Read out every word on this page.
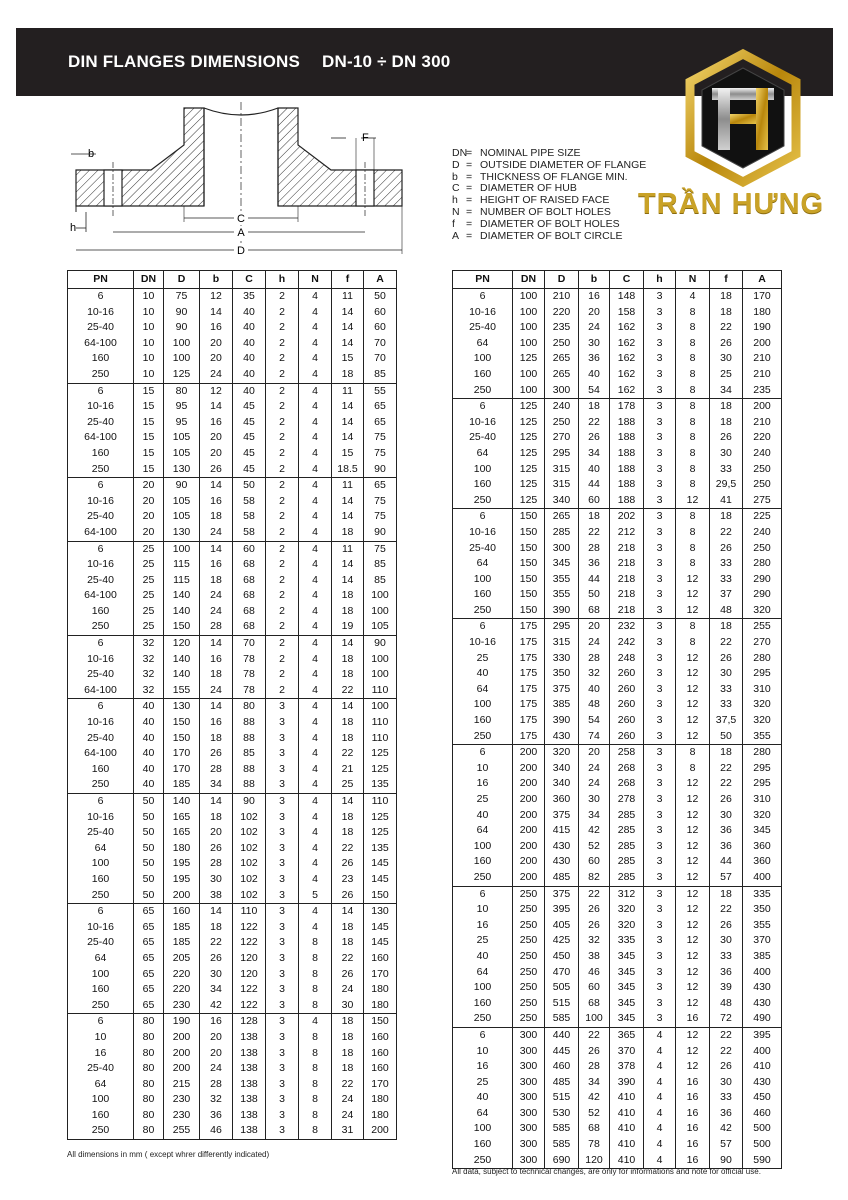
DIN FLANGES DIMENSIONS DN-10 ÷ DN 300
TRẦN HƯNG
C
A
D
b
h
F
DN= NOMINAL PIPE SIZE
D = OUTSIDE DIAMETER OF FLANGE
b = THICKNESS OF FLANGE MIN.
C = DIAMETER OF HUB
h = HEIGHT OF RAISED FACE
N = NUMBER OF BOLT HOLES
f = DIAMETER OF BOLT HOLES
A = DIAMETER OF BOLT CIRCLE
PN	DN	D	b	C	h	N	f	A
6	10	75	12	35	2	4	11	50
10-16	10	90	14	40	2	4	14	60
25-40	10	90	16	40	2	4	14	60
64-100	10	100	20	40	2	4	14	70
160	10	100	20	40	2	4	15	70
250	10	125	24	40	2	4	18	85
6	15	80	12	40	2	4	11	55
10-16	15	95	14	45	2	4	14	65
25-40	15	95	16	45	2	4	14	65
64-100	15	105	20	45	2	4	14	75
160	15	105	20	45	2	4	15	75
250	15	130	26	45	2	4	18.5	90
6	20	90	14	50	2	4	11	65
10-16	20	105	16	58	2	4	14	75
25-40	20	105	18	58	2	4	14	75
64-100	20	130	24	58	2	4	18	90
6	25	100	14	60	2	4	11	75
10-16	25	115	16	68	2	4	14	85
25-40	25	115	18	68	2	4	14	85
64-100	25	140	24	68	2	4	18	100
160	25	140	24	68	2	4	18	100
250	25	150	28	68	2	4	19	105
6	32	120	14	70	2	4	14	90
10-16	32	140	16	78	2	4	18	100
25-40	32	140	18	78	2	4	18	100
64-100	32	155	24	78	2	4	22	110
6	40	130	14	80	3	4	14	100
10-16	40	150	16	88	3	4	18	110
25-40	40	150	18	88	3	4	18	110
64-100	40	170	26	85	3	4	22	125
160	40	170	28	88	3	4	21	125
250	40	185	34	88	3	4	25	135
6	50	140	14	90	3	4	14	110
10-16	50	165	18	102	3	4	18	125
25-40	50	165	20	102	3	4	18	125
64	50	180	26	102	3	4	22	135
100	50	195	28	102	3	4	26	145
160	50	195	30	102	3	4	23	145
250	50	200	38	102	3	5	26	150
6	65	160	14	110	3	4	14	130
10-16	65	185	18	122	3	4	18	145
25-40	65	185	22	122	3	8	18	145
64	65	205	26	120	3	8	22	160
100	65	220	30	120	3	8	26	170
160	65	220	34	122	3	8	24	180
250	65	230	42	122	3	8	30	180
6	80	190	16	128	3	4	18	150
10	80	200	20	138	3	8	18	160
16	80	200	20	138	3	8	18	160
25-40	80	200	24	138	3	8	18	160
64	80	215	28	138	3	8	22	170
100	80	230	32	138	3	8	24	180
160	80	230	36	138	3	8	24	180
250	80	255	46	138	3	8	31	200
PN	DN	D	b	C	h	N	f	A
6	100	210	16	148	3	4	18	170
10-16	100	220	20	158	3	8	18	180
25-40	100	235	24	162	3	8	22	190
64	100	250	30	162	3	8	26	200
100	125	265	36	162	3	8	30	210
160	100	265	40	162	3	8	25	210
250	100	300	54	162	3	8	34	235
6	125	240	18	178	3	8	18	200
10-16	125	250	22	188	3	8	18	210
25-40	125	270	26	188	3	8	26	220
64	125	295	34	188	3	8	30	240
100	125	315	40	188	3	8	33	250
160	125	315	44	188	3	8	29,5	250
250	125	340	60	188	3	12	41	275
6	150	265	18	202	3	8	18	225
10-16	150	285	22	212	3	8	22	240
25-40	150	300	28	218	3	8	26	250
64	150	345	36	218	3	8	33	280
100	150	355	44	218	3	12	33	290
160	150	355	50	218	3	12	37	290
250	150	390	68	218	3	12	48	320
6	175	295	20	232	3	8	18	255
10-16	175	315	24	242	3	8	22	270
25	175	330	28	248	3	12	26	280
40	175	350	32	260	3	12	30	295
64	175	375	40	260	3	12	33	310
100	175	385	48	260	3	12	33	320
160	175	390	54	260	3	12	37,5	320
250	175	430	74	260	3	12	50	355
6	200	320	20	258	3	8	18	280
10	200	340	24	268	3	8	22	295
16	200	340	24	268	3	12	22	295
25	200	360	30	278	3	12	26	310
40	200	375	34	285	3	12	30	320
64	200	415	42	285	3	12	36	345
100	200	430	52	285	3	12	36	360
160	200	430	60	285	3	12	44	360
250	200	485	82	285	3	12	57	400
6	250	375	22	312	3	12	18	335
10	250	395	26	320	3	12	22	350
16	250	405	26	320	3	12	26	355
25	250	425	32	335	3	12	30	370
40	250	450	38	345	3	12	33	385
64	250	470	46	345	3	12	36	400
100	250	505	60	345	3	12	39	430
160	250	515	68	345	3	12	48	430
250	250	585	100	345	3	16	72	490
6	300	440	22	365	4	12	22	395
10	300	445	26	370	4	12	22	400
16	300	460	28	378	4	12	26	410
25	300	485	34	390	4	16	30	430
40	300	515	42	410	4	16	33	450
64	300	530	52	410	4	16	36	460
100	300	585	68	410	4	16	42	500
160	300	585	78	410	4	16	57	500
250	300	690	120	410	4	16	90	590
All dimensions in mm ( except whrer differently indicated)
All data, subject to technical changes, are only for informations and note for official use.
